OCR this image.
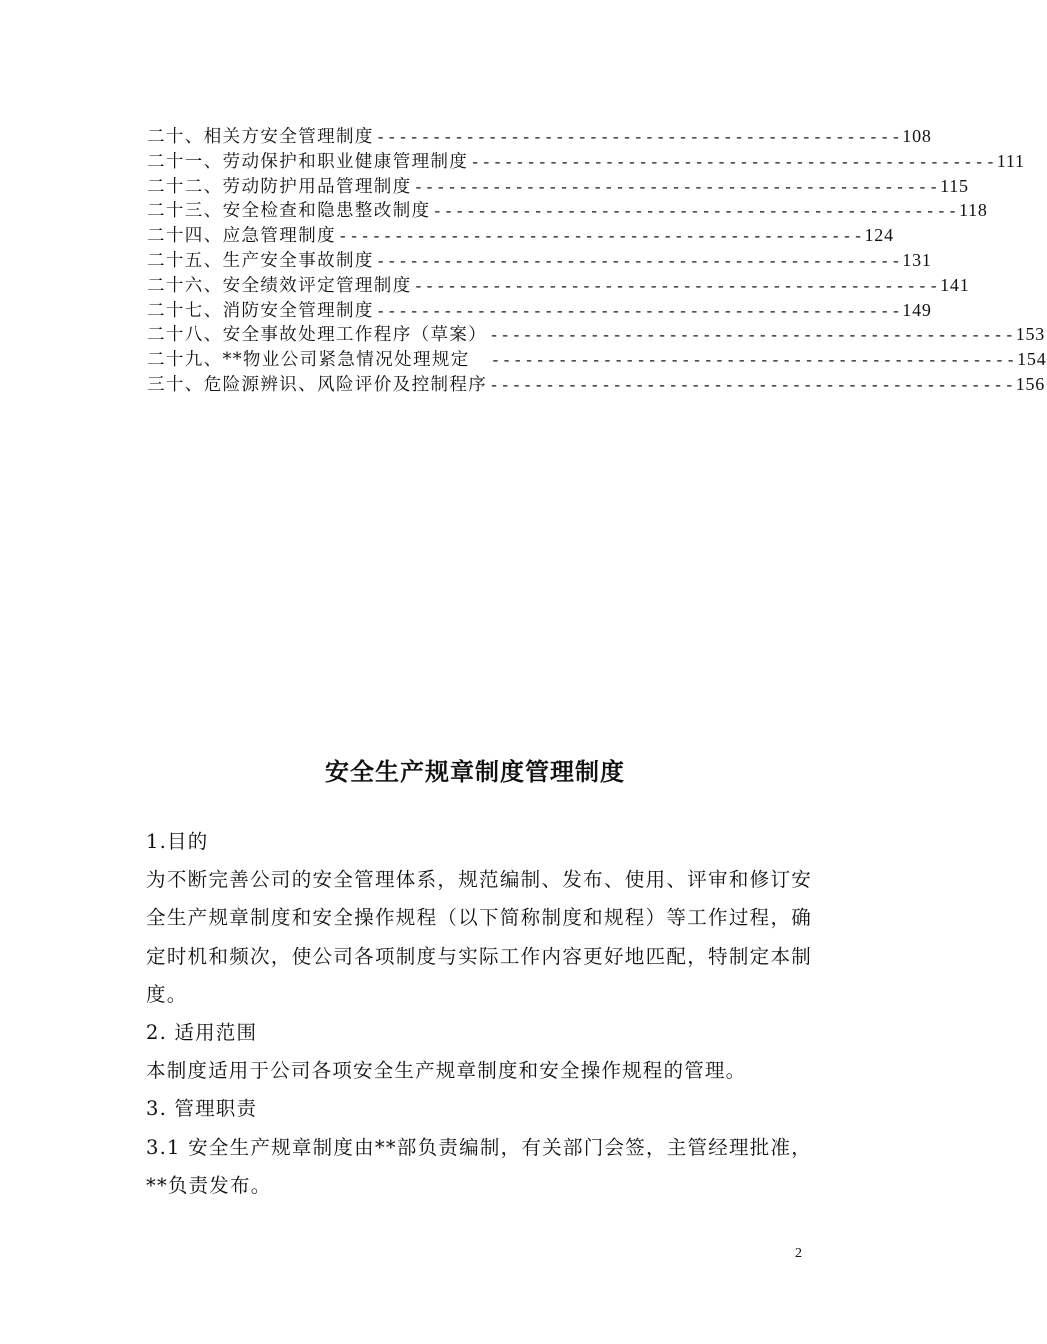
二十、相关方安全管理制度 ----------------------------------------------- 108
二十一、劳动保护和职业健康管理制度 ----------------------------------------------- 111
二十二、劳动防护用品管理制度 ----------------------------------------------- 115
二十三、安全检查和隐患整改制度 ----------------------------------------------- 118
二十四、应急管理制度 ----------------------------------------------- 124
二十五、生产安全事故制度 ----------------------------------------------- 131
二十六、安全绩效评定管理制度 ----------------------------------------------- 141
二十七、消防安全管理制度 ----------------------------------------------- 149
二十八、安全事故处理工作程序（草案） ----------------------------------------------- 153
二十九、**物业公司紧急情况处理规定　 ----------------------------------------------- 154
三十、危险源辨识、风险评价及控制程序 ----------------------------------------------- 156
安全生产规章制度管理制度

1.目的

为不断完善公司的安全管理体系，规范编制、发布、使用、评审和修订安全生产规章制度和安全操作规程（以下简称制度和规程）等工作过程，确定时机和频次，使公司各项制度与实际工作内容更好地匹配，特制定本制度。

2. 适用范围

本制度适用于公司各项安全生产规章制度和安全操作规程的管理。

3. 管理职责

3.1 安全生产规章制度由**部负责编制，有关部门会签，主管经理批准，**负责发布。

2
